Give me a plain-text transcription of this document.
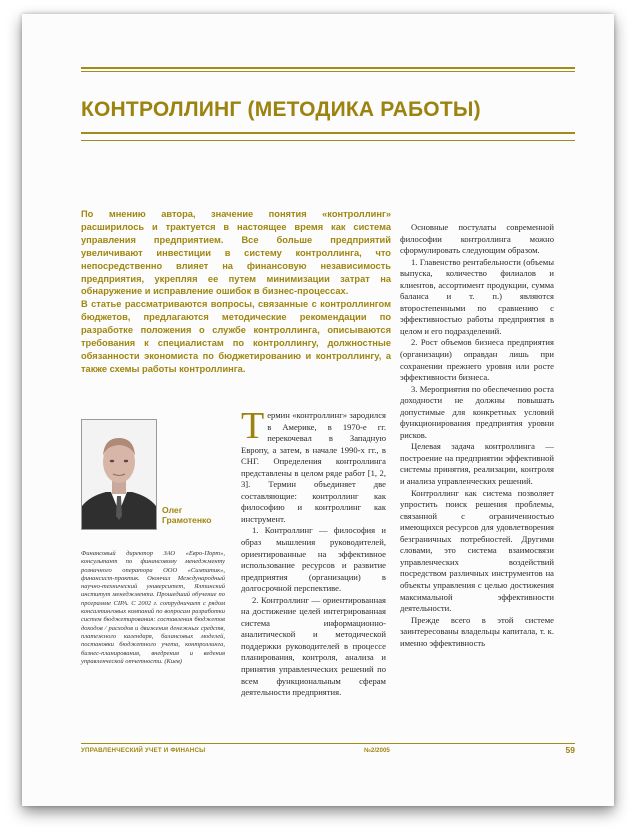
КОНТРОЛЛИНГ (МЕТОДИКА РАБОТЫ)

По мнению автора, значение понятия «контроллинг» расширилось и трактуется в настоящее время как система управления предприятием. Все больше предприятий увеличивают инвестиции в систему контроллинга, что непосредственно влияет на финансовую независимость предприятия, укрепляя ее путем минимизации затрат на обнаружение и исправление ошибок в бизнес-процессах.

В статье рассматриваются вопросы, связанные с контроллингом бюджетов, предлагаются методические рекомендации по разработке положения о службе контроллинга, описываются требования к специалистам по контроллингу, должностные обязанности экономиста по бюджетированию и контроллингу, а также схемы работы контроллинга.

Олег
Грамотенко
Финансовый директор ЗАО «Евро-Порт», консультант по финансовому менеджменту розничного оператора ООО «Симпатик», финансист-практик. Окончил Международный научно-технический университет, Ялтинский институт менеджмента. Прошедший обучение по программе CIPA. С 2002 г. сотрудничает с рядом консалтинговых компаний по вопросам разработки систем бюджетирования: составления бюджетов доходов / расходов и движения денежных средств, платежного календаря, балансовых моделей, постановки бюджетного учета, контроллинга, бизнес-планирования, внедрения и ведения управленческой отчетности. (Киев)

Термин «контроллинг» зародился в Америке, в 1970-е гг. перекочевал в Западную Европу, а затем, в начале 1990-х гг., в СНГ. Определения контроллинга представлены в целом ряде работ [1, 2, 3]. Термин объединяет две составляющие: контроллинг как философию и контроллинг как инструмент.

1. Контроллинг — философия и образ мышления руководителей, ориентированные на эффективное использование ресурсов и развитие предприятия (организации) в долгосрочной перспективе.

2. Контроллинг — ориентированная на достижение целей интегрированная система информационно-аналитической и методической поддержки руководителей в процессе планирования, контроля, анализа и принятия управленческих решений по всем функциональным сферам деятельности предприятия.

Основные постулаты современной философии контроллинга можно сформулировать следующим образом.

1. Главенство рентабельности (объемы выпуска, количество филиалов и клиентов, ассортимент продукции, сумма баланса и т. п.) являются второстепенными по сравнению с эффективностью работы предприятия в целом и его подразделений.

2. Рост объемов бизнеса предприятия (организации) оправдан лишь при сохранении прежнего уровня или росте эффективности бизнеса.

3. Мероприятия по обеспечению роста доходности не должны повышать допустимые для конкретных условий функционирования предприятия уровни рисков.

Целевая задача контроллинга — построение на предприятии эффективной системы принятия, реализации, контроля и анализа управленческих решений.

Контроллинг как система позволяет упростить поиск решения проблемы, связанной с ограниченностью имеющихся ресурсов для удовлетворения безграничных потребностей. Другими словами, это система взаимосвязи управленческих воздействий посредством различных инструментов на объекты управления с целью достижения максимальной эффективности деятельности.

Прежде всего в этой системе заинтересованы владельцы капитала, т. к. именно эффективность

УПРАВЛЕНЧЕСКИЙ УЧЕТ И ФИНАНСЫ	№2/2005	59
